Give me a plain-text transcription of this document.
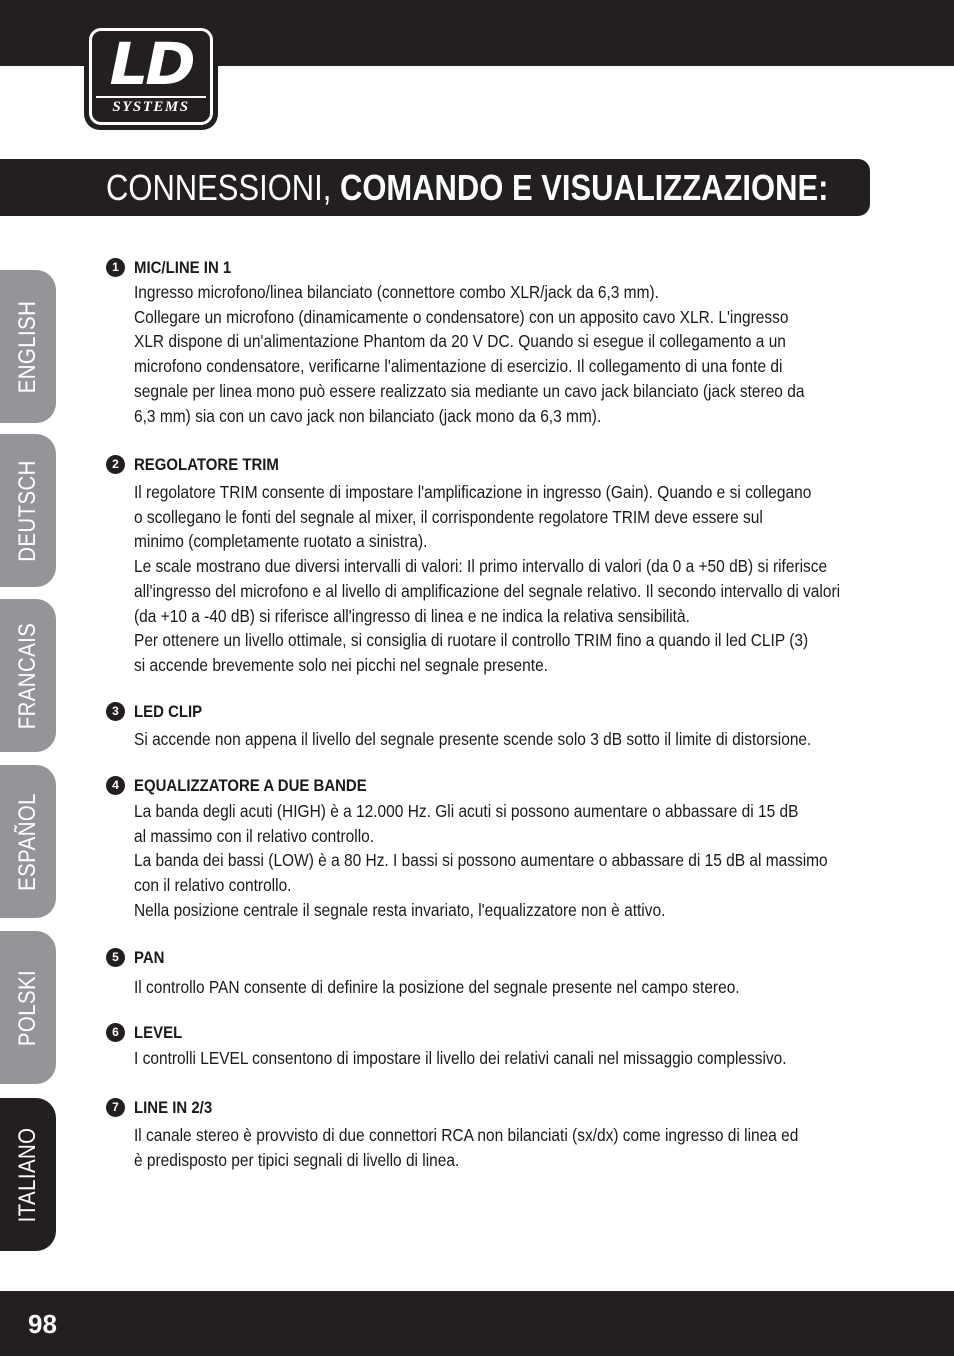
LD
SYSTEMS
CONNESSIONI, COMANDO E VISUALIZZAZIONE:
ENGLISH
DEUTSCH
FRANCAIS
ESPAÑOL
POLSKI
ITALIANO
1 MIC/LINE IN 1
Ingresso microfono/linea bilanciato (connettore combo XLR/jack da 6,3 mm).
Collegare un microfono (dinamicamente o condensatore) con un apposito cavo XLR. L'ingresso
XLR dispone di un'alimentazione Phantom da 20 V DC. Quando si esegue il collegamento a un
microfono condensatore, verificarne l'alimentazione di esercizio. Il collegamento di una fonte di
segnale per linea mono può essere realizzato sia mediante un cavo jack bilanciato (jack stereo da
6,3 mm) sia con un cavo jack non bilanciato (jack mono da 6,3 mm).
2 REGOLATORE TRIM
Il regolatore TRIM consente di impostare l'amplificazione in ingresso (Gain). Quando e si collegano
o scollegano le fonti del segnale al mixer, il corrispondente regolatore TRIM deve essere sul
minimo (completamente ruotato a sinistra).
Le scale mostrano due diversi intervalli di valori: Il primo intervallo di valori (da 0 a +50 dB) si riferisce
all'ingresso del microfono e al livello di amplificazione del segnale relativo. Il secondo intervallo di valori
(da +10 a -40 dB) si riferisce all'ingresso di linea e ne indica la relativa sensibilità.
Per ottenere un livello ottimale, si consiglia di ruotare il controllo TRIM fino a quando il led CLIP (3)
si accende brevemente solo nei picchi nel segnale presente.
3 LED CLIP
Si accende non appena il livello del segnale presente scende solo 3 dB sotto il limite di distorsione.
4 EQUALIZZATORE A DUE BANDE
La banda degli acuti (HIGH) è a 12.000 Hz. Gli acuti si possono aumentare o abbassare di 15 dB
al massimo con il relativo controllo.
La banda dei bassi (LOW) è a 80 Hz. I bassi si possono aumentare o abbassare di 15 dB al massimo
con il relativo controllo.
Nella posizione centrale il segnale resta invariato, l'equalizzatore non è attivo.
5 PAN
Il controllo PAN consente di definire la posizione del segnale presente nel campo stereo.
6 LEVEL
I controlli LEVEL consentono di impostare il livello dei relativi canali nel missaggio complessivo.
7 LINE IN 2/3
Il canale stereo è provvisto di due connettori RCA non bilanciati (sx/dx) come ingresso di linea ed
è predisposto per tipici segnali di livello di linea.
98
